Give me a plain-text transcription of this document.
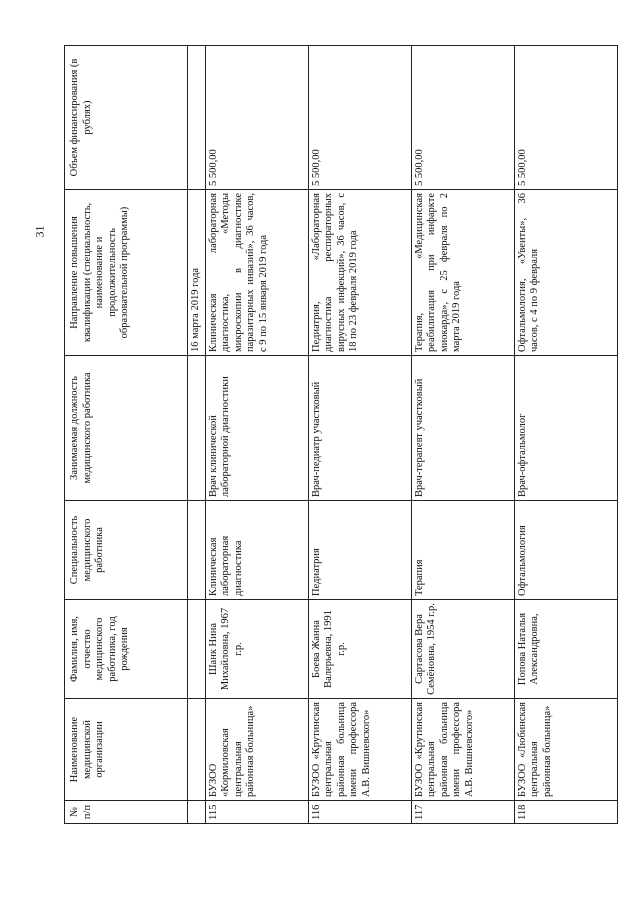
31
№ п/п	Наименование медицинской организации	Фамилия, имя, отчество медицинского работника, год рождения	Специальность медицинского работника	Занимаемая должность медицинского работника	Направление повышения квалификации (специальность, наименование и продолжительность образовательной программы)	Объем финансирования (в рублях)
					16 марта 2019 года	
115	БУЗОО «Кормиловская центральная районная больница»	Шанк Нина Михайловна, 1967 г.р.	Клиническая лабораторная диагностика	Врач клинической лабораторной диагностики	Клиническая лабораторная диагностика, «Методы микроскопии в диагностике паразитарных инвазий», 36 часов, с 9 по 15 января 2019 года	5 500,00
116	БУЗОО «Крутинская центральная районная больница имени профессора А.В. Вишневского»	Боева Жанна Валерьевна, 1991 г.р.	Педиатрия	Врач-педиатр участковый	Педиатрия, «Лабораторная диагностика респираторных вирусных инфекций», 36 часов, с 18 по 23 февраля 2019 года	5 500,00
117	БУЗОО «Крутинская центральная районная больница имени профессора А.В. Вишневского»	Сартасова Вера Семёновна, 1954 г.р.	Терапия	Врач-терапевт участковый	Терапия, «Медицинская реабилитация при инфаркте миокарда», с 25 февраля по 2 марта 2019 года	5 500,00
118	БУЗОО «Любинская центральная районная больница»	Попова Наталья Александровна,	Офтальмология	Врач-офтальмолог	Офтальмология, «Увеиты», 36 часов, с 4 по 9 февраля	5 500,00
